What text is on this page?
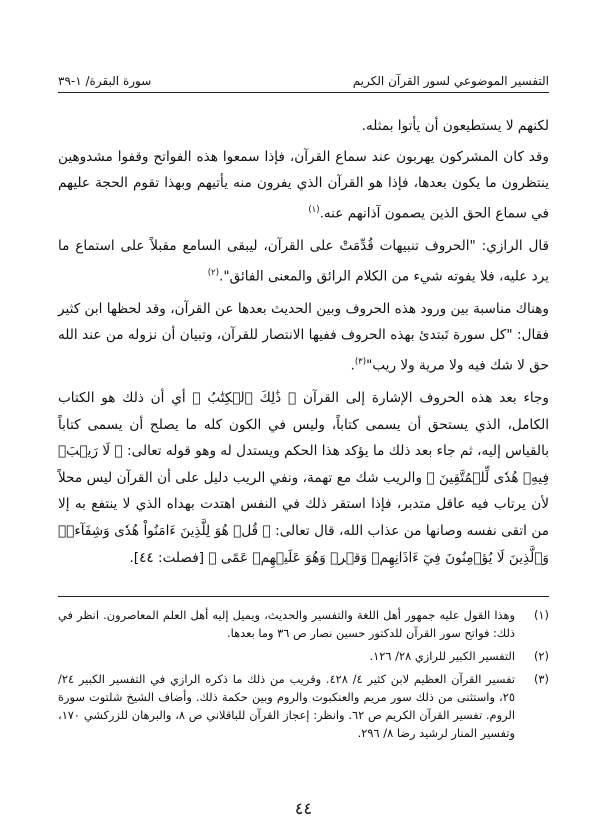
التفسير الموضوعي لسور القرآن الكريم
سورة البقرة/ ١-٣٩

لكنهم لا يستطيعون أن يأتوا بمثله.

وقد كان المشركون يهربون عند سماع القرآن، فإذا سمعوا هذه الفواتح وقفوا مشدوهين ينتظرون ما يكون بعدها، فإذا هو القرآن الذي يفرون منه يأتيهم وبهذا تقوم الحجة عليهم في سماع الحق الذين يصمون آذانهم عنه.$^{(١)}$

قال الرازي: "الحروف تنبيهات قُدِّمَتْ على القرآن، ليبقى السامع مقبلاً على استماع ما يرد عليه، فلا يفوته شيء من الكلام الرائق والمعنى الفائق".$^{(٢)}$

وهناك مناسبة بين ورود هذه الحروف وبين الحديث بعدها عن القرآن، وقد لحظها ابن كثير فقال: "كل سورة تَبتدئ بهذه الحروف ففيها الانتصار للقرآن، وتبيان أن نزوله من عند الله حق لا شك فيه ولا مرية ولا ريب"$^{(٣)}$.

وجاء بعد هذه الحروف الإشارة إلى القرآن ﴿ ذَٰلِكَ ٱلۡكِتَٰبُ ﴾ أي أن ذلك هو الكتاب الكامل، الذي يستحق أن يسمى كتاباً، وليس في الكون كله ما يصلح أن يسمى كتاباً بالقياس إليه، ثم جاء بعد ذلك ما يؤكد هذا الحكم ويستدل له وهو قوله تعالى: ﴿ لَا رَيۡبَۛ فِيهِۛ هُدٗى لِّلۡمُتَّقِينَ ﴾ والريب شك مع تهمة، ونفي الريب دليل على أن القرآن ليس محلاً لأن يرتاب فيه عاقل متدبر، فإذا استقر ذلك في النفس اهتدت بهداه الذي لا ينتفع به إلا من اتقى نفسه وصانها من عذاب الله، قال تعالى: ﴿ قُلۡ هُوَ لِلَّذِينَ ءَامَنُواْ هُدٗى وَشِفَآءٞۚ وَٱلَّذِينَ لَا يُؤۡمِنُونَ فِيٓ ءَاذَانِهِمۡ وَقۡرٞ وَهُوَ عَلَيۡهِمۡ عَمًى ﴾ [فصلت: ٤٤].

(١)
وهذا القول عليه جمهور أهل اللغة والتفسير والحديث، ويميل إليه أهل العلم المعاصرون. انظر في ذلك: فواتح سور القرآن للدكتور حسين نصار ص ٣٦ وما بعدها.
(٢)
التفسير الكبير للرازي ٢٨/ ١٢٦.
(٣)
تفسير القرآن العظيم لابن كثير ٤/ ٤٢٨. وقريب من ذلك ما ذكره الرازي في التفسير الكبير ٢٤/ ٢٥، واستثنى من ذلك سور مريم والعنكبوت والروم وبين حكمة ذلك. وأضاف الشيخ شلتوت سورة الروم. تفسير القرآن الكريم ص ٦٢. وانظر: إعجاز القرآن للباقلاني ص ٨، والبرهان للزركشي ١٧٠، وتفسير المنار لرشيد رضا ٨/ ٢٩٦.
٤٤
